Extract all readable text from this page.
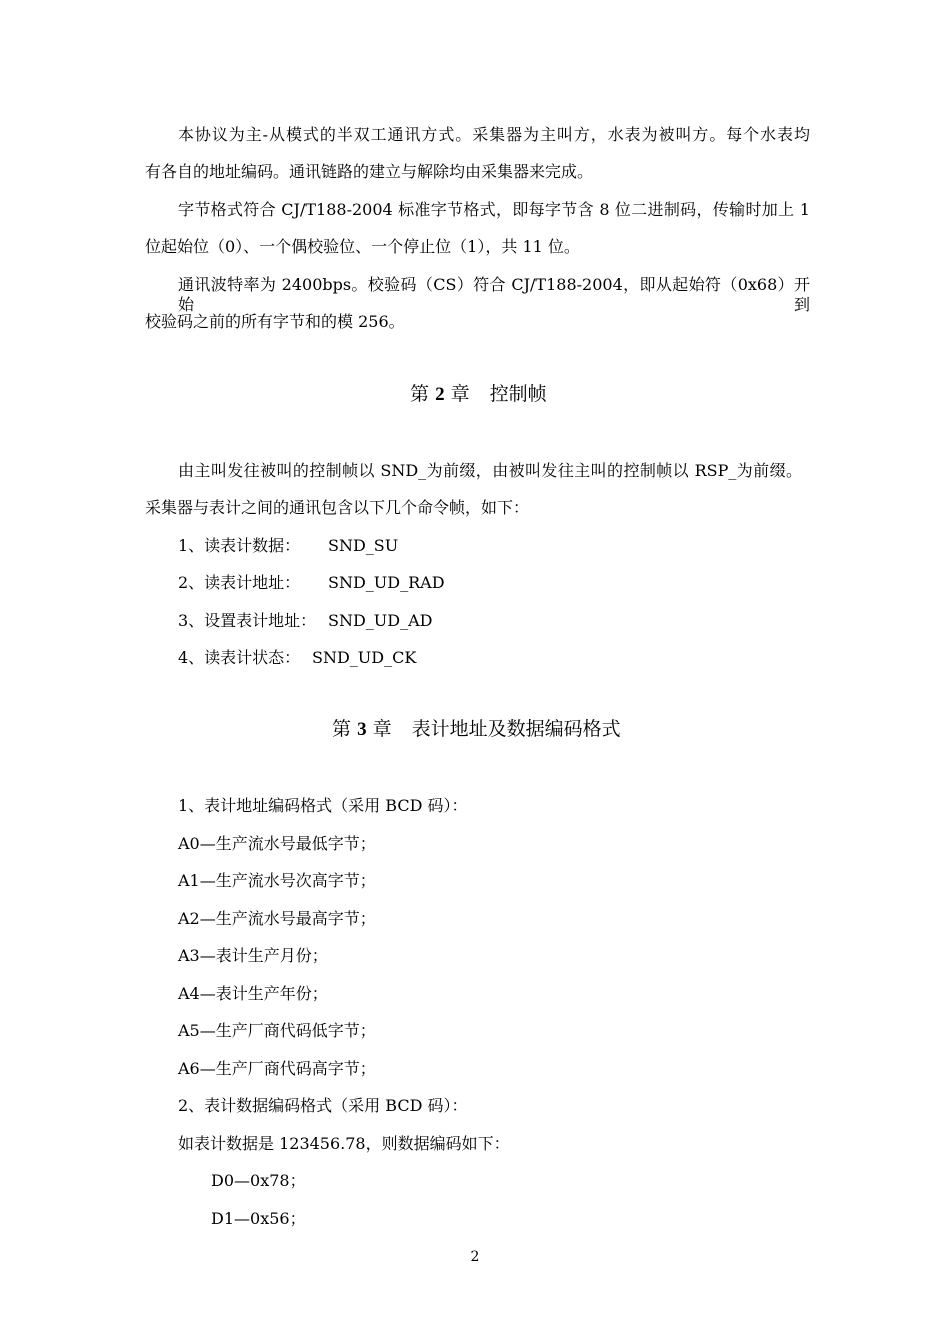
本协议为主-从模式的半双工通讯方式。采集器为主叫方，水表为被叫方。每个水表均
有各自的地址编码。通讯链路的建立与解除均由采集器来完成。
字节格式符合 CJ/T188-2004 标准字节格式，即每字节含 8 位二进制码，传输时加上 1
位起始位（0）、一个偶校验位、一个停止位（1），共 11 位。
通讯波特率为 2400bps。校验码（CS）符合 CJ/T188-2004，即从起始符（0x68）开始到
校验码之前的所有字节和的模 256。
第 2 章 控制帧
由主叫发往被叫的控制帧以 SND_为前缀，由被叫发往主叫的控制帧以 RSP_为前缀。
采集器与表计之间的通讯包含以下几个命令帧，如下：
1、读表计数据： SND_SU
2、读表计地址： SND_UD_RAD
3、设置表计地址： SND_UD_AD
4、读表计状态： SND_UD_CK
第 3 章 表计地址及数据编码格式
1、表计地址编码格式（采用 BCD 码）：
A0—生产流水号最低字节；
A1—生产流水号次高字节；
A2—生产流水号最高字节；
A3—表计生产月份；
A4—表计生产年份；
A5—生产厂商代码低字节；
A6—生产厂商代码高字节；
2、表计数据编码格式（采用 BCD 码）：
如表计数据是 123456.78，则数据编码如下：
D0—0x78；
D1—0x56；
2
